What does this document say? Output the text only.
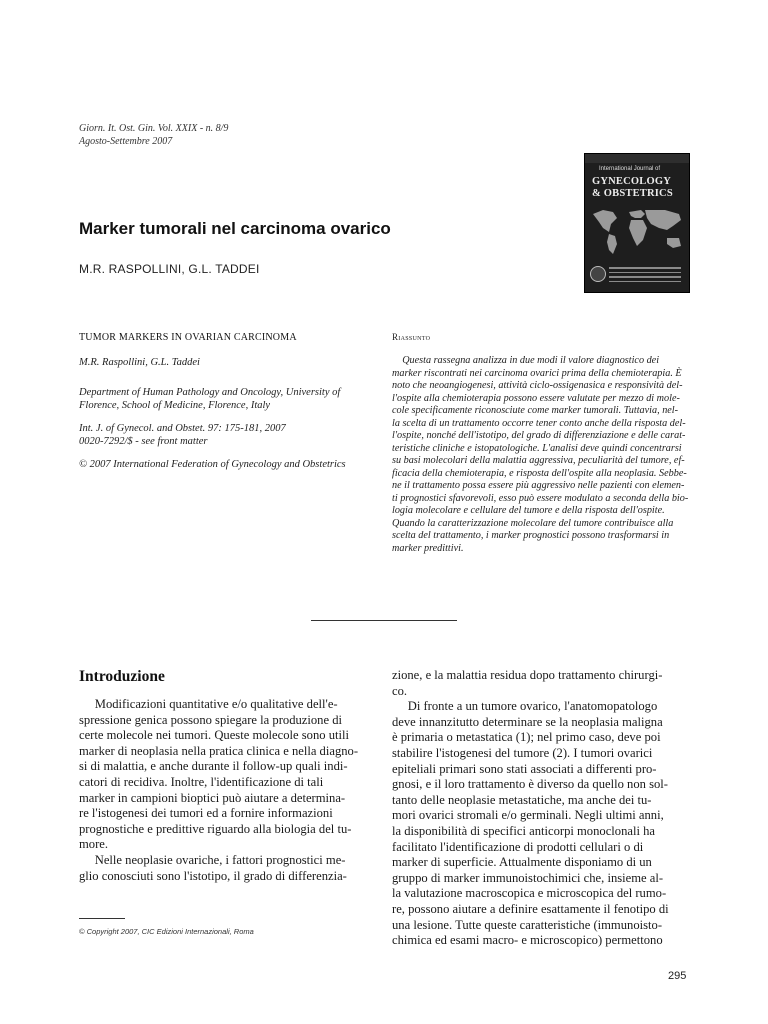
Giorn. It. Ost. Gin. Vol. XXIX - n. 8/9
Agosto-Settembre 2007
International Journal of
GYNECOLOGY
& OBSTETRICS
Marker tumorali nel carcinoma ovarico
M.R. RASPOLLINI, G.L. TADDEI
TUMOR MARKERS IN OVARIAN CARCINOMA
M.R. Raspollini, G.L. Taddei
Department of Human Pathology and Oncology, University of
Florence, School of Medicine, Florence, Italy
Int. J. of Gynecol. and Obstet. 97: 175-181, 2007
0020-7292/$ - see front matter
© 2007 International Federation of Gynecology and Obstetrics
Riassunto
Questa rassegna analizza in due modi il valore diagnostico dei
marker riscontrati nei carcinoma ovarici prima della chemioterapia. È
noto che neoangiogenesi, attività ciclo-ossigenasica e responsività del-
l'ospite alla chemioterapia possono essere valutate per mezzo di mole-
cole specificamente riconosciute come marker tumorali. Tuttavia, nel-
la scelta di un trattamento occorre tener conto anche della risposta del-
l'ospite, nonché dell'istotipo, del grado di differenziazione e delle carat-
teristiche cliniche e istopatologiche. L'analisi deve quindi concentrarsi
su basi molecolari della malattia aggressiva, peculiarità del tumore, ef-
ficacia della chemioterapia, e risposta dell'ospite alla neoplasia. Sebbe-
ne il trattamento possa essere più aggressivo nelle pazienti con elemen-
ti prognostici sfavorevoli, esso può essere modulato a seconda della bio-
logia molecolare e cellulare del tumore e della risposta dell'ospite.
Quando la caratterizzazione molecolare del tumore contribuisce alla
scelta del trattamento, i marker prognostici possono trasformarsi in
marker predittivi.
Introduzione
Modificazioni quantitative e/o qualitative dell'e-
spressione genica possono spiegare la produzione di
certe molecole nei tumori. Queste molecole sono utili
marker di neoplasia nella pratica clinica e nella diagno-
si di malattia, e anche durante il follow-up quali indi-
catori di recidiva. Inoltre, l'identificazione di tali
marker in campioni bioptici può aiutare a determina-
re l'istogenesi dei tumori ed a fornire informazioni
prognostiche e predittive riguardo alla biologia del tu-
more.
Nelle neoplasie ovariche, i fattori prognostici me-
glio conosciuti sono l'istotipo, il grado di differenzia-
zione, e la malattia residua dopo trattamento chirurgi-
co.
Di fronte a un tumore ovarico, l'anatomopatologo
deve innanzitutto determinare se la neoplasia maligna
è primaria o metastatica (1); nel primo caso, deve poi
stabilire l'istogenesi del tumore (2). I tumori ovarici
epiteliali primari sono stati associati a differenti pro-
gnosi, e il loro trattamento è diverso da quello non sol-
tanto delle neoplasie metastatiche, ma anche dei tu-
mori ovarici stromali e/o germinali. Negli ultimi anni,
la disponibilità di specifici anticorpi monoclonali ha
facilitato l'identificazione di prodotti cellulari o di
marker di superficie. Attualmente disponiamo di un
gruppo di marker immunoistochimici che, insieme al-
la valutazione macroscopica e microscopica del rumo-
re, possono aiutare a definire esattamente il fenotipo di
una lesione. Tutte queste caratteristiche (immunoisto-
chimica ed esami macro- e microscopico) permettono
© Copyright 2007, CIC Edizioni Internazionali, Roma
295
